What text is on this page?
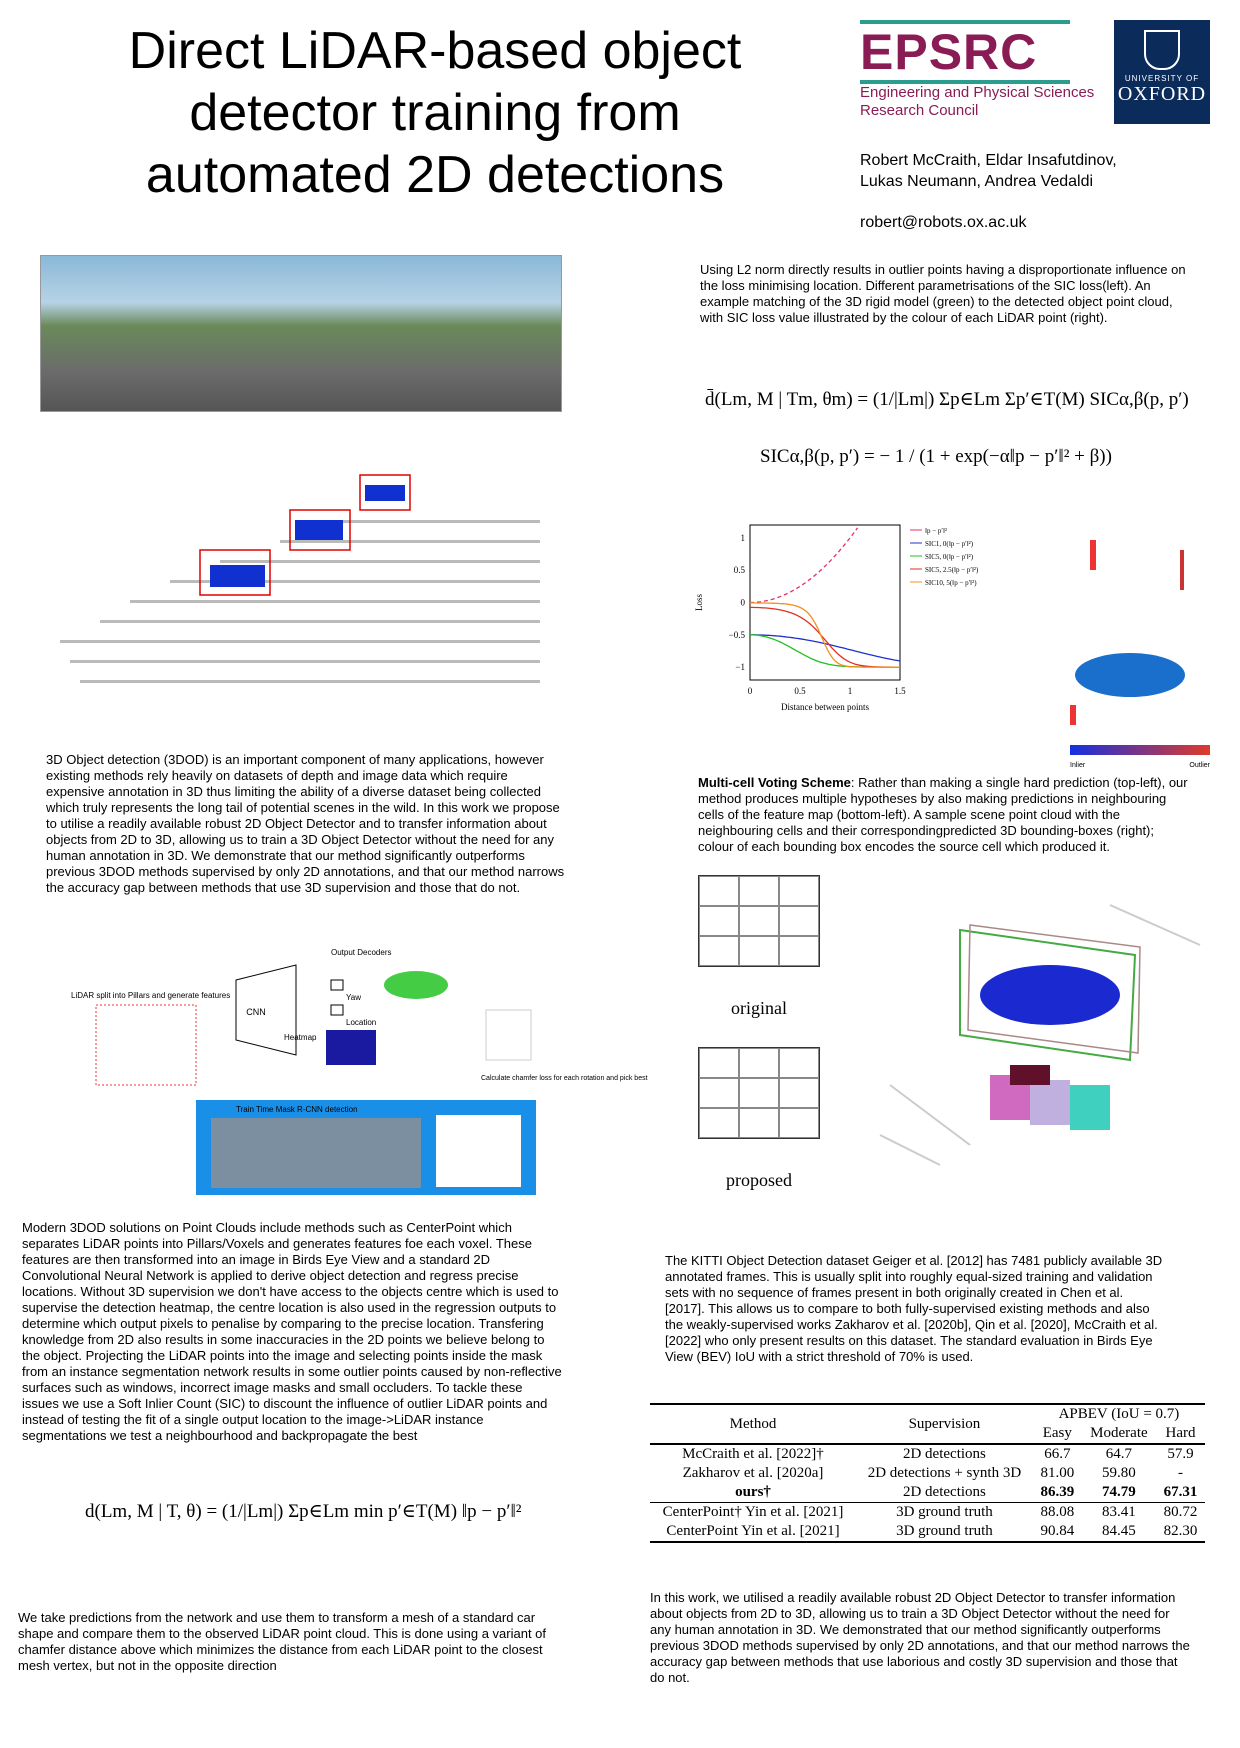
Direct LiDAR-based object detector training from automated 2D detections
EPSRC
Engineering and Physical Sciences
Research Council
UNIVERSITY OF
OXFORD
Robert McCraith, Eldar Insafutdinov,
Lukas Neumann, Andrea Vedaldi
robert@robots.ox.ac.uk
3D Object detection (3DOD) is an important component of many applications, however existing methods rely heavily on datasets of depth and image data which require expensive annotation in 3D thus limiting the ability of a diverse dataset being collected which truly represents the long tail of potential scenes in the wild. In this work we propose to utilise a readily available robust 2D Object Detector and to transfer information about objects from 2D to 3D, allowing us to train a 3D Object Detector without the need for any human annotation in 3D. We demonstrate that our method significantly outperforms previous 3DOD methods supervised by only 2D annotations, and that our method narrows the accuracy gap between methods that use 3D supervision and those that do not.
LiDAR split into Pillars and generate features
CNN
Output Decoders
Yaw
Location
Heatmap
Calculate chamfer loss for each rotation and pick best
Train Time Mask R-CNN detection
Modern 3DOD solutions on Point Clouds include methods such as CenterPoint which separates LiDAR points into Pillars/Voxels and generates features foe each voxel. These features are then transformed into an image in Birds Eye View and a standard 2D Convolutional Neural Network is applied to derive object detection and regress precise locations. Without 3D supervision we don't have access to the objects centre which is used to supervise the detection heatmap, the centre location is also used in the regression outputs to determine which output pixels to penalise by comparing to the precise location. Transfering knowledge from 2D also results in some inaccuracies in the 2D points we believe belong to the object. Projecting the LiDAR points into the image and selecting points inside the mask from an instance segmentation network results in some outlier points caused by non-reflective surfaces such as windows, incorrect image masks and small occluders. To tackle these issues we use a Soft Inlier Count (SIC) to discount the influence of outlier LiDAR points and instead of testing the fit of a single output location to the image->LiDAR instance segmentations we test a neighbourhood and backpropagate the best
d(Lm, M | T, θ) = (1/|Lm|) Σp∈Lm min p′∈T(M) ‖p − p′‖²
We take predictions from the network and use them to transform a mesh of a standard car shape and compare them to the observed LiDAR point cloud. This is done using a variant of chamfer distance above which minimizes the distance from each LiDAR point to the closest mesh vertex, but not in the opposite direction
Using L2 norm directly results in outlier points having a disproportionate influence on the loss minimising location. Different parametrisations of the SIC loss(left). An example matching of the 3D rigid model (green) to the detected object point cloud, with SIC loss value illustrated by the colour of each LiDAR point (right).
d̄(Lm, M | Tm, θm) = (1/|Lm|) Σp∈Lm Σp′∈T(M) SICα,β(p, p′)
SICα,β(p, p′) = − 1 / (1 + exp(−α‖p − p′‖² + β))
0	0.5	1	1.5
1
0.5
0
−0.5
−1
Distance between points
Loss
‖p − p′‖²
SIC1, 0(‖p − p′‖²)
SIC5, 0(‖p − p′‖²)
SIC5, 2.5(‖p − p′‖²)
SIC10, 5(‖p − p′‖²)
Inlier	Outlier
Multi-cell Voting Scheme: Rather than making a single hard prediction (top-left), our method produces multiple hypotheses by also making predictions in neighbouring cells of the feature map (bottom-left). A sample scene point cloud with the neighbouring cells and their correspondingpredicted 3D bounding-boxes (right); colour of each bounding box encodes the source cell which produced it.
original
proposed
The KITTI Object Detection dataset Geiger et al. [2012] has 7481 publicly available 3D annotated frames. This is usually split into roughly equal-sized training and validation sets with no sequence of frames present in both originally created in Chen et al. [2017]. This allows us to compare to both fully-supervised existing methods and also the weakly-supervised works Zakharov et al. [2020b], Qin et al. [2020], McCraith et al. [2022] who only present results on this dataset. The standard evaluation in Birds Eye View (BEV) IoU with a strict threshold of 70% is used.
Method	Supervision	APBEV (IoU = 0.7)		
		Easy	Moderate	Hard
McCraith et al. [2022]†	2D detections	66.7	64.7	57.9
Zakharov et al. [2020a]	2D detections + synth 3D	81.00	59.80	-
ours†	2D detections	86.39	74.79	67.31
CenterPoint† Yin et al. [2021]	3D ground truth	88.08	83.41	80.72
CenterPoint Yin et al. [2021]	3D ground truth	90.84	84.45	82.30
In this work, we utilised a readily available robust 2D Object Detector to transfer information about objects from 2D to 3D, allowing us to train a 3D Object Detector without the need for any human annotation in 3D. We demonstrated that our method significantly outperforms previous 3DOD methods supervised by only 2D annotations, and that our method narrows the accuracy gap between methods that use laborious and costly 3D supervision and those that do not.
